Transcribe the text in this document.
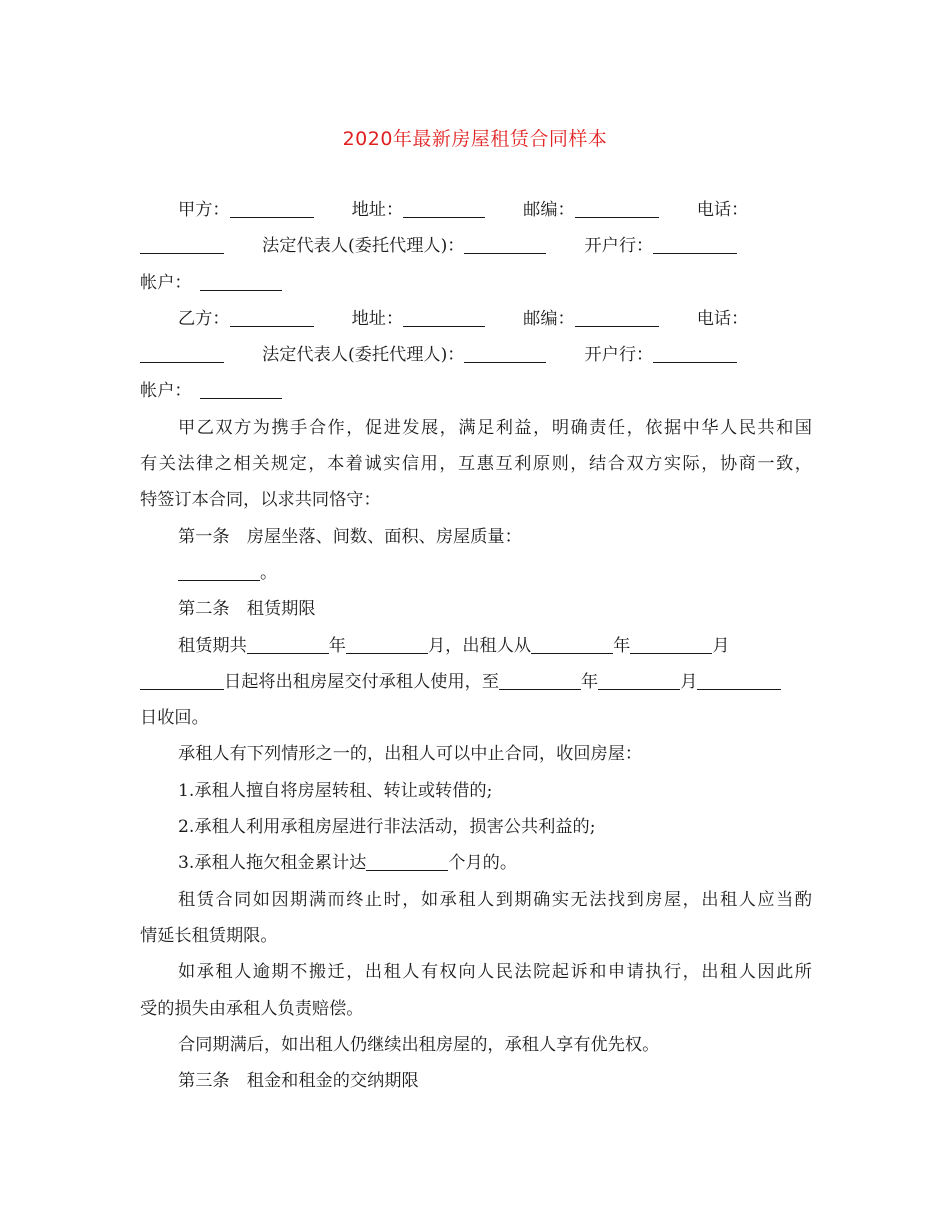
2020年最新房屋租赁合同样本
甲方：	地址：	邮编：	电话：
法定代表人(委托代理人)：	开户行：
帐户：
乙方：	地址：	邮编：	电话：
法定代表人(委托代理人)：	开户行：
帐户：
甲乙双方为携手合作，促进发展，满足利益，明确责任，依据中华人民共和国
有关法律之相关规定，本着诚实信用，互惠互利原则，结合双方实际，协商一致，
特签订本合同，以求共同恪守：
第一条　房屋坐落、间数、面积、房屋质量：
。
第二条　租赁期限
租赁期共	年	月，出租人从	年	月
日起将出租房屋交付承租人使用，至	年	月
日收回。
承租人有下列情形之一的，出租人可以中止合同，收回房屋：
1.承租人擅自将房屋转租、转让或转借的;
2.承租人利用承租房屋进行非法活动，损害公共利益的;
3.承租人拖欠租金累计达	个月的。
租赁合同如因期满而终止时，如承租人到期确实无法找到房屋，出租人应当酌
情延长租赁期限。
如承租人逾期不搬迁，出租人有权向人民法院起诉和申请执行，出租人因此所
受的损失由承租人负责赔偿。
合同期满后，如出租人仍继续出租房屋的，承租人享有优先权。
第三条　租金和租金的交纳期限
